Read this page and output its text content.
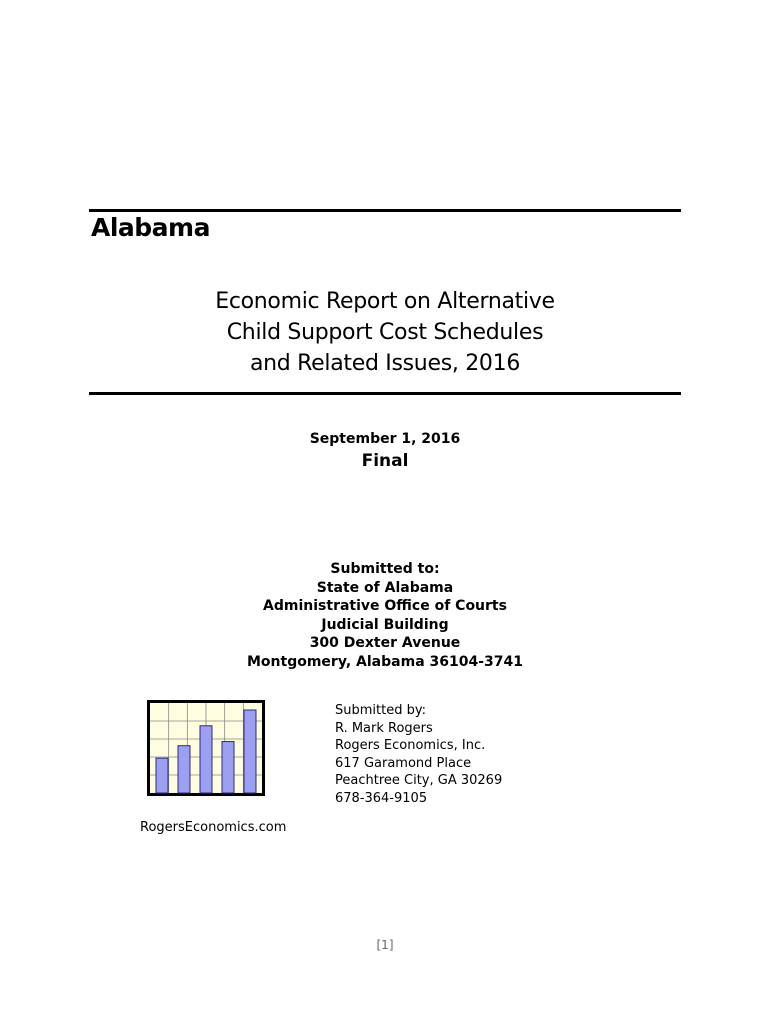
Alabama
Economic Report on Alternative
Child Support Cost Schedules
and Related Issues, 2016
September 1, 2016
Final
Submitted to:
State of Alabama
Administrative Office of Courts
Judicial Building
300 Dexter Avenue
Montgomery, Alabama 36104-3741
Submitted by:
R. Mark Rogers
Rogers Economics, Inc.
617 Garamond Place
Peachtree City, GA 30269
678-364-9105
RogersEconomics.com
[1]
